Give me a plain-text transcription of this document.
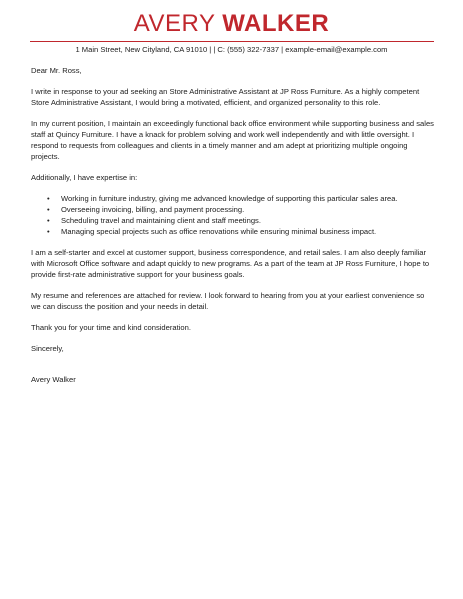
AVERY WALKER
1 Main Street, New Cityland, CA 91010 | | C: (555) 322-7337 | example-email@example.com

Dear Mr. Ross,

I write in response to your ad seeking an Store Administrative Assistant at JP Ross Furniture. As a highly competent Store Administrative Assistant, I would bring a motivated, efficient, and organized personality to this role.

In my current position, I maintain an exceedingly functional back office environment while supporting business and sales staff at Quincy Furniture. I have a knack for problem solving and work well independently and with little oversight. I respond to requests from colleagues and clients in a timely manner and am adept at prioritizing multiple ongoing projects.

Additionally, I have expertise in:

• Working in furniture industry, giving me advanced knowledge of supporting this particular sales area.
• Overseeing invoicing, billing, and payment processing.
• Scheduling travel and maintaining client and staff meetings.
• Managing special projects such as office renovations while ensuring minimal business impact.

I am a self-starter and excel at customer support, business correspondence, and retail sales. I am also deeply familiar with Microsoft Office software and adapt quickly to new programs. As a part of the team at JP Ross Furniture, I hope to provide first-rate administrative support for your business goals.

My resume and references are attached for review. I look forward to hearing from you at your earliest convenience so we can discuss the position and your needs in detail.

Thank you for your time and kind consideration.

Sincerely,

Avery Walker
